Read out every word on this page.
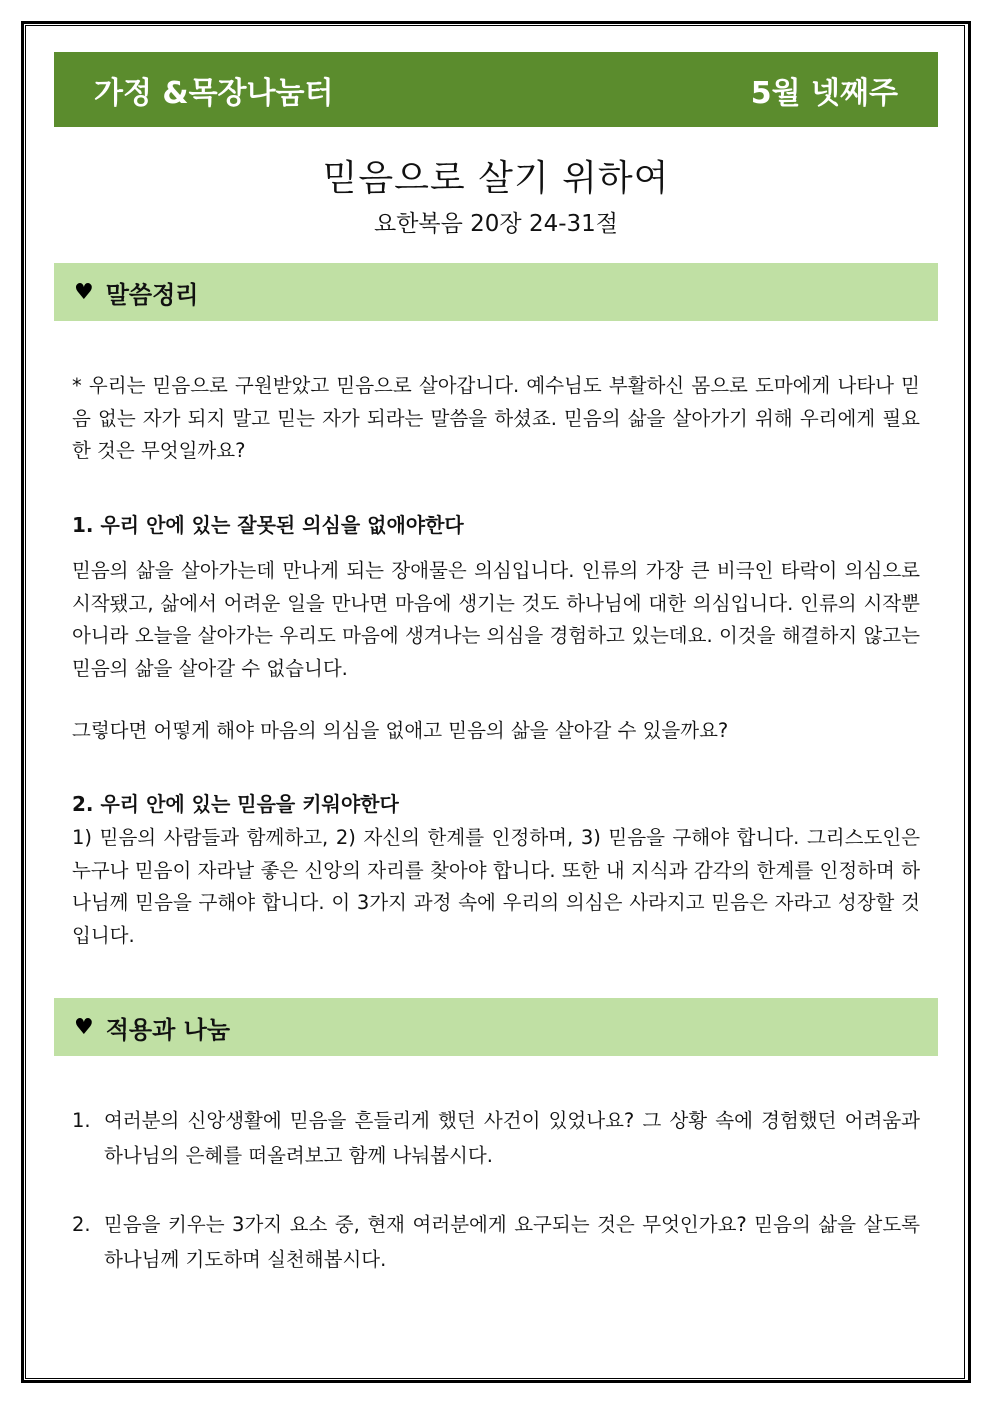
가정 &목장나눔터	5월 넷째주
믿음으로 살기 위하여
요한복음 20장 24-31절
♥ 말씀정리

* 우리는 믿음으로 구원받았고 믿음으로 살아갑니다. 예수님도 부활하신 몸으로 도마에게 나타나 믿음 없는 자가 되지 말고 믿는 자가 되라는 말씀을 하셨죠. 믿음의 삶을 살아가기 위해 우리에게 필요한 것은 무엇일까요?

1. 우리 안에 있는 잘못된 의심을 없애야한다

믿음의 삶을 살아가는데 만나게 되는 장애물은 의심입니다. 인류의 가장 큰 비극인 타락이 의심으로 시작됐고, 삶에서 어려운 일을 만나면 마음에 생기는 것도 하나님에 대한 의심입니다. 인류의 시작뿐 아니라 오늘을 살아가는 우리도 마음에 생겨나는 의심을 경험하고 있는데요. 이것을 해결하지 않고는 믿음의 삶을 살아갈 수 없습니다.

그렇다면 어떻게 해야 마음의 의심을 없애고 믿음의 삶을 살아갈 수 있을까요?

2. 우리 안에 있는 믿음을 키워야한다

1) 믿음의 사람들과 함께하고, 2) 자신의 한계를 인정하며, 3) 믿음을 구해야 합니다. 그리스도인은 누구나 믿음이 자라날 좋은 신앙의 자리를 찾아야 합니다. 또한 내 지식과 감각의 한계를 인정하며 하나님께 믿음을 구해야 합니다. 이 3가지 과정 속에 우리의 의심은 사라지고 믿음은 자라고 성장할 것입니다.

♥ 적용과 나눔
1. 여러분의 신앙생활에 믿음을 흔들리게 했던 사건이 있었나요? 그 상황 속에 경험했던 어려움과 하나님의 은혜를 떠올려보고 함께 나눠봅시다.
2. 믿음을 키우는 3가지 요소 중, 현재 여러분에게 요구되는 것은 무엇인가요? 믿음의 삶을 살도록 하나님께 기도하며 실천해봅시다.
